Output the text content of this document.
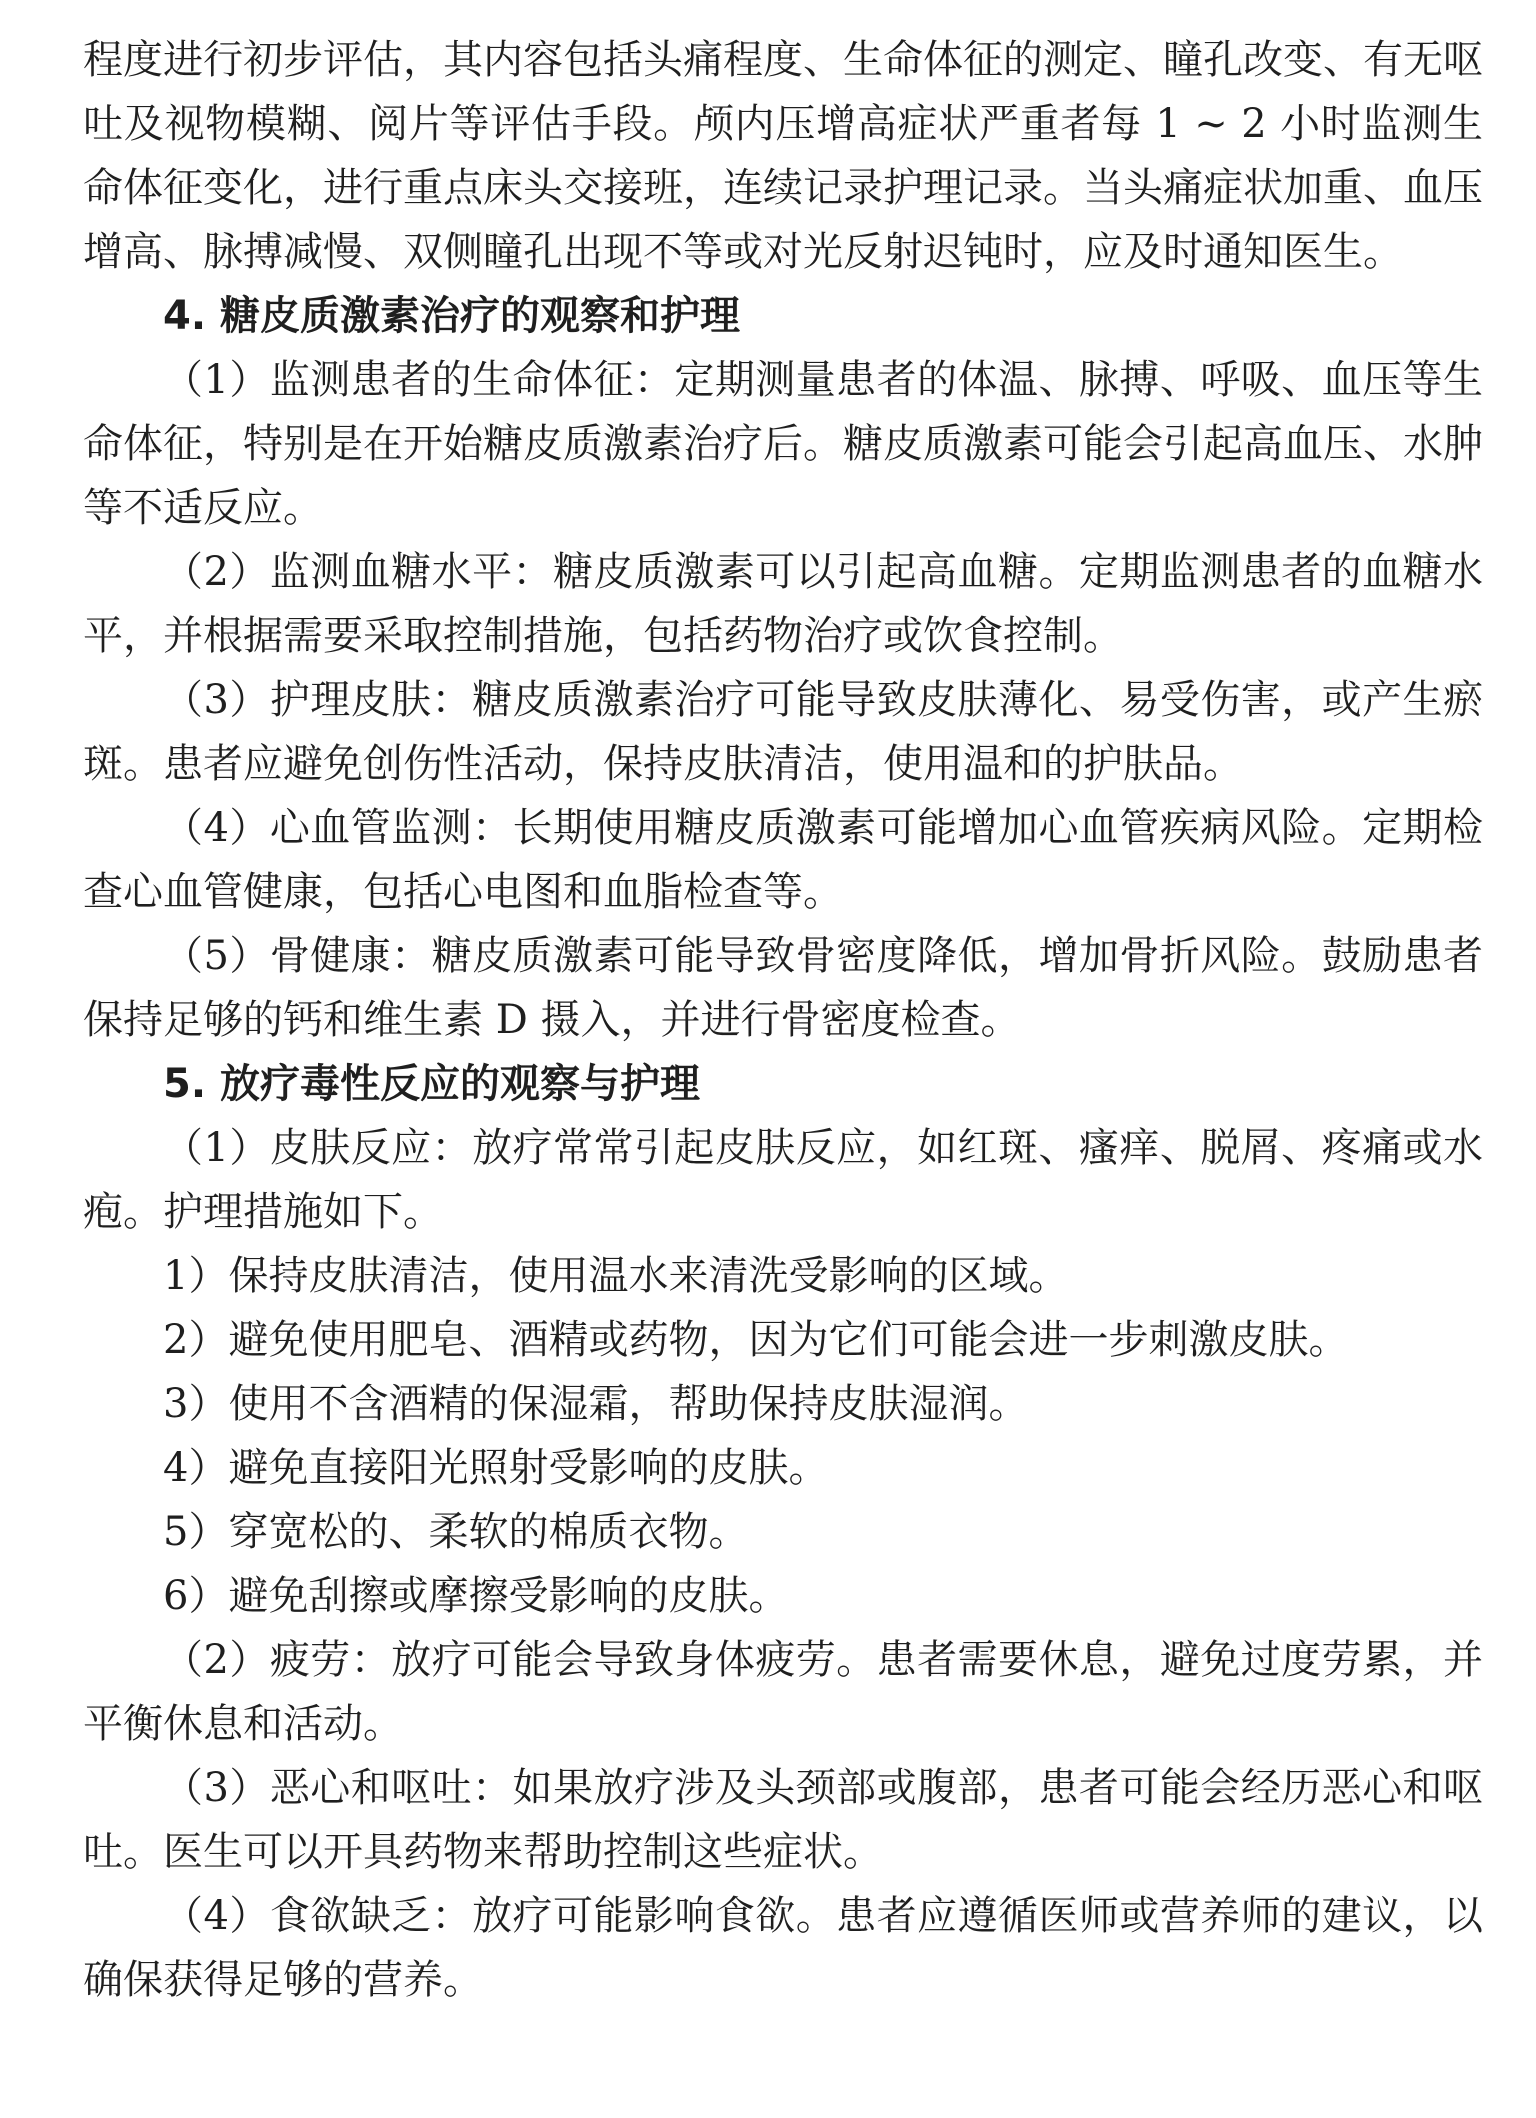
程度进行初步评估，其内容包括头痛程度、生命体征的测定、瞳孔改变、有无呕吐及视物模糊、阅片等评估手段。颅内压增高症状严重者每 1 ~ 2 小时监测生命体征变化，进行重点床头交接班，连续记录护理记录。当头痛症状加重、血压增高、脉搏减慢、双侧瞳孔出现不等或对光反射迟钝时，应及时通知医生。

4. 糖皮质激素治疗的观察和护理

（1）监测患者的生命体征：定期测量患者的体温、脉搏、呼吸、血压等生命体征，特别是在开始糖皮质激素治疗后。糖皮质激素可能会引起高血压、水肿等不适反应。

（2）监测血糖水平：糖皮质激素可以引起高血糖。定期监测患者的血糖水平，并根据需要采取控制措施，包括药物治疗或饮食控制。

（3）护理皮肤：糖皮质激素治疗可能导致皮肤薄化、易受伤害，或产生瘀斑。患者应避免创伤性活动，保持皮肤清洁，使用温和的护肤品。

（4）心血管监测：长期使用糖皮质激素可能增加心血管疾病风险。定期检查心血管健康，包括心电图和血脂检查等。

（5）骨健康：糖皮质激素可能导致骨密度降低，增加骨折风险。鼓励患者保持足够的钙和维生素 D 摄入，并进行骨密度检查。

5. 放疗毒性反应的观察与护理

（1）皮肤反应：放疗常常引起皮肤反应，如红斑、瘙痒、脱屑、疼痛或水疱。护理措施如下。

1）保持皮肤清洁，使用温水来清洗受影响的区域。

2）避免使用肥皂、酒精或药物，因为它们可能会进一步刺激皮肤。

3）使用不含酒精的保湿霜，帮助保持皮肤湿润。

4）避免直接阳光照射受影响的皮肤。

5）穿宽松的、柔软的棉质衣物。

6）避免刮擦或摩擦受影响的皮肤。

（2）疲劳：放疗可能会导致身体疲劳。患者需要休息，避免过度劳累，并平衡休息和活动。

（3）恶心和呕吐：如果放疗涉及头颈部或腹部，患者可能会经历恶心和呕吐。医生可以开具药物来帮助控制这些症状。

（4）食欲缺乏：放疗可能影响食欲。患者应遵循医师或营养师的建议，以确保获得足够的营养。
